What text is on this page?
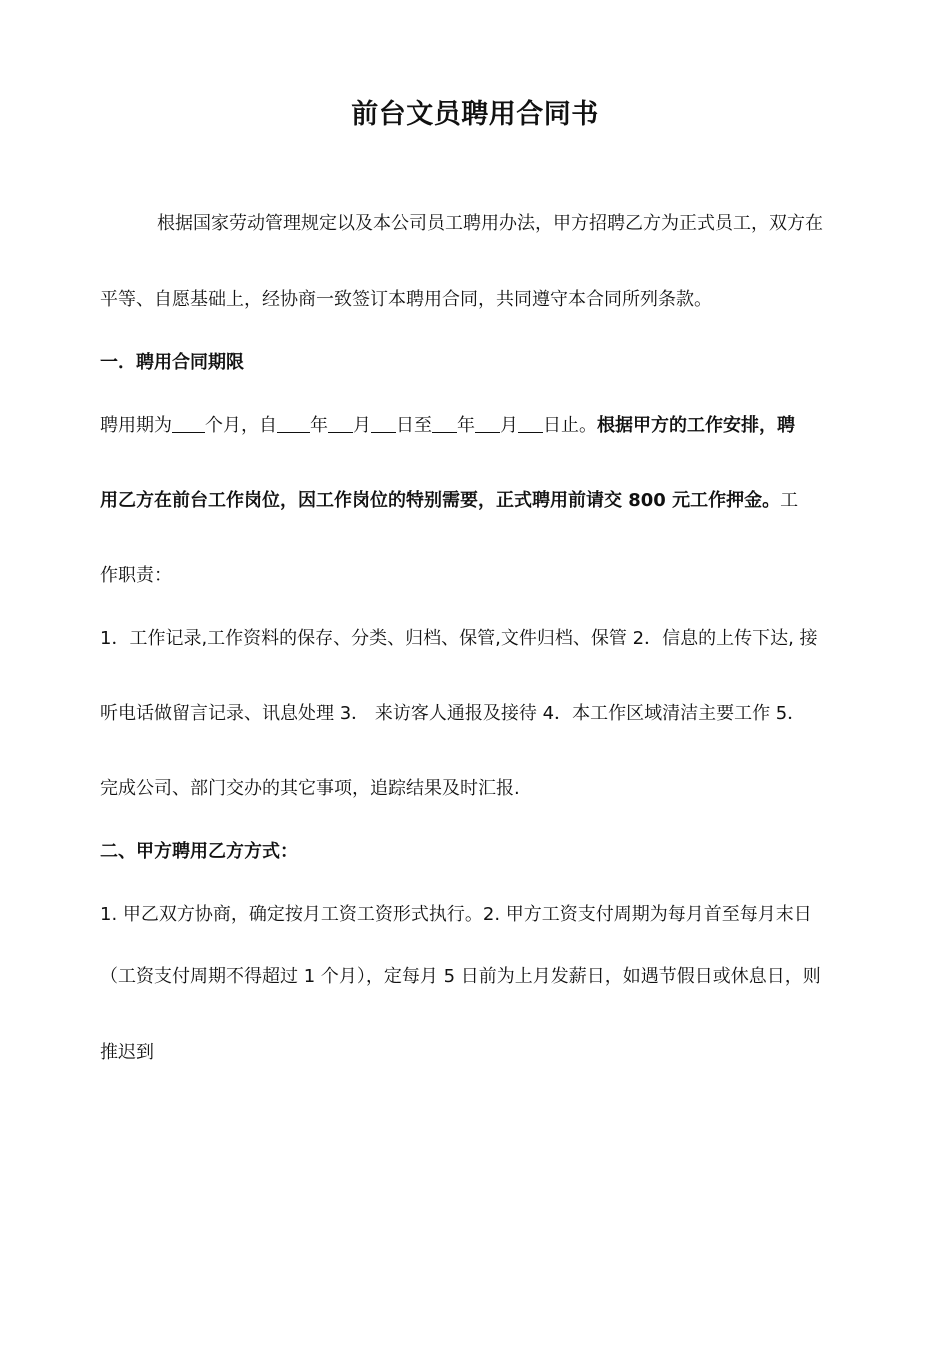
前台文员聘用合同书

根据国家劳动管理规定以及本公司员工聘用办法，甲方招聘乙方为正式员工，双方在

平等、自愿基础上，经协商一致签订本聘用合同，共同遵守本合同所列条款。

一．聘用合同期限

聘用期为 个月，自 年 月 日至 年 月 日止。根据甲方的工作安排，聘

用乙方在前台工作岗位，因工作岗位的特别需要，正式聘用前请交 800 元工作押金。工

作职责：

1．工作记录,工作资料的保存、分类、归档、保管,文件归档、保管 2．信息的上传下达, 接

听电话做留言记录、讯息处理 3． 来访客人通报及接待 4．本工作区域清洁主要工作 5．

完成公司、部门交办的其它事项，追踪结果及时汇报.

二、甲方聘用乙方方式：

1. 甲乙双方协商，确定按月工资工资形式执行。2. 甲方工资支付周期为每月首至每月末日

（工资支付周期不得超过 1 个月），定每月 5 日前为上月发薪日，如遇节假日或休息日，则

推迟到
